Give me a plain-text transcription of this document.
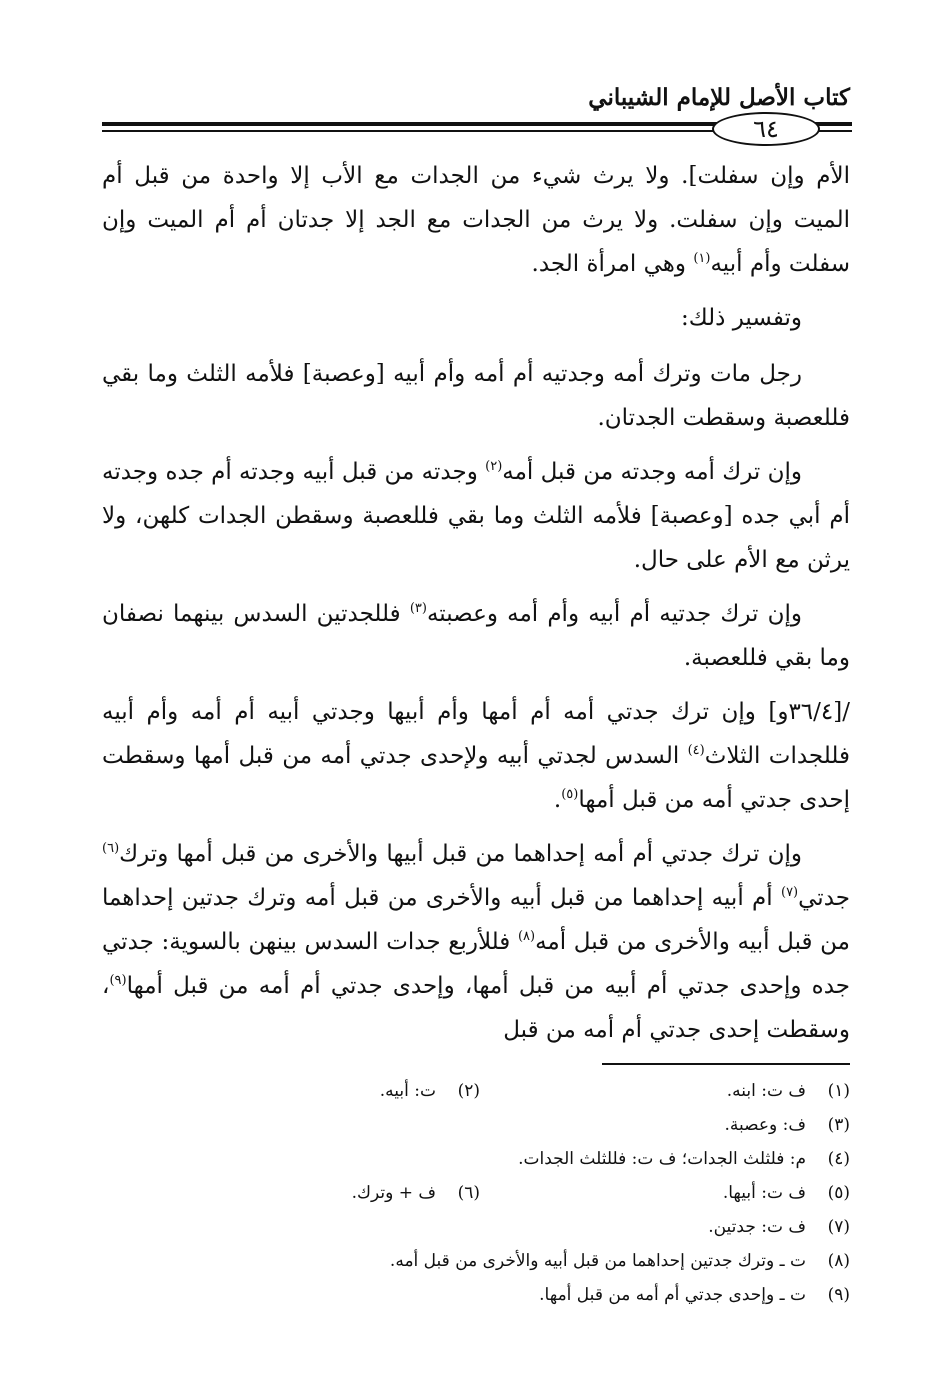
كتاب الأصل للإمام الشيباني
٦٤

الأم وإن سفلت]. ولا يرث شيء من الجدات مع الأب إلا واحدة من قبل أم الميت وإن سفلت. ولا يرث من الجدات مع الجد إلا جدتان أم أم الميت وإن سفلت وأم أبيه$^{(١)}$ وهي امرأة الجد.

وتفسير ذلك:

رجل مات وترك أمه وجدتيه أم أمه وأم أبيه [وعصبة] فلأمه الثلث وما بقي فللعصبة وسقطت الجدتان.

وإن ترك أمه وجدته من قبل أمه$^{(٢)}$ وجدته من قبل أبيه وجدته أم جده وجدته أم أبي جده [وعصبة] فلأمه الثلث وما بقي فللعصبة وسقطن الجدات كلهن، ولا يرثن مع الأم على حال.

وإن ترك جدتيه أم أبيه وأم أمه وعصبته$^{(٣)}$ فللجدتين السدس بينهما نصفان وما بقي فللعصبة.

/[٣٦/٤و] وإن ترك جدتي أمه أم أمها وأم أبيها وجدتي أبيه أم أمه وأم أبيه فللجدات الثلاث$^{(٤)}$ السدس لجدتي أبيه ولإحدى جدتي أمه من قبل أمها وسقطت إحدى جدتي أمه من قبل أمها$^{(٥)}$.

وإن ترك جدتي أم أمه إحداهما من قبل أبيها والأخرى من قبل أمها وترك$^{(٦)}$ جدتي$^{(٧)}$ أم أبيه إحداهما من قبل أبيه والأخرى من قبل أمه وترك جدتين إحداهما من قبل أبيه والأخرى من قبل أمه$^{(٨)}$ فللأربع جدات السدس بينهن بالسوية: جدتي جده وإحدى جدتي أم أبيه من قبل أمها، وإحدى جدتي أم أمه من قبل أمها$^{(٩)}$، وسقطت إحدى جدتي أم أمه من قبل

(١)ف ت: ابنه.
(٢)ت: أبيه.
(٣)ف: وعصبة.
(٤)م: فلثلث الجدات؛ ف ت: فللثلث الجدات.
(٥)ف ت: أبيها.
(٦)ف + وترك.
(٧)ف ت: جدتين.
(٨)ت ـ وترك جدتين إحداهما من قبل أبيه والأخرى من قبل أمه.
(٩)ت ـ وإحدى جدتي أم أمه من قبل أمها.
